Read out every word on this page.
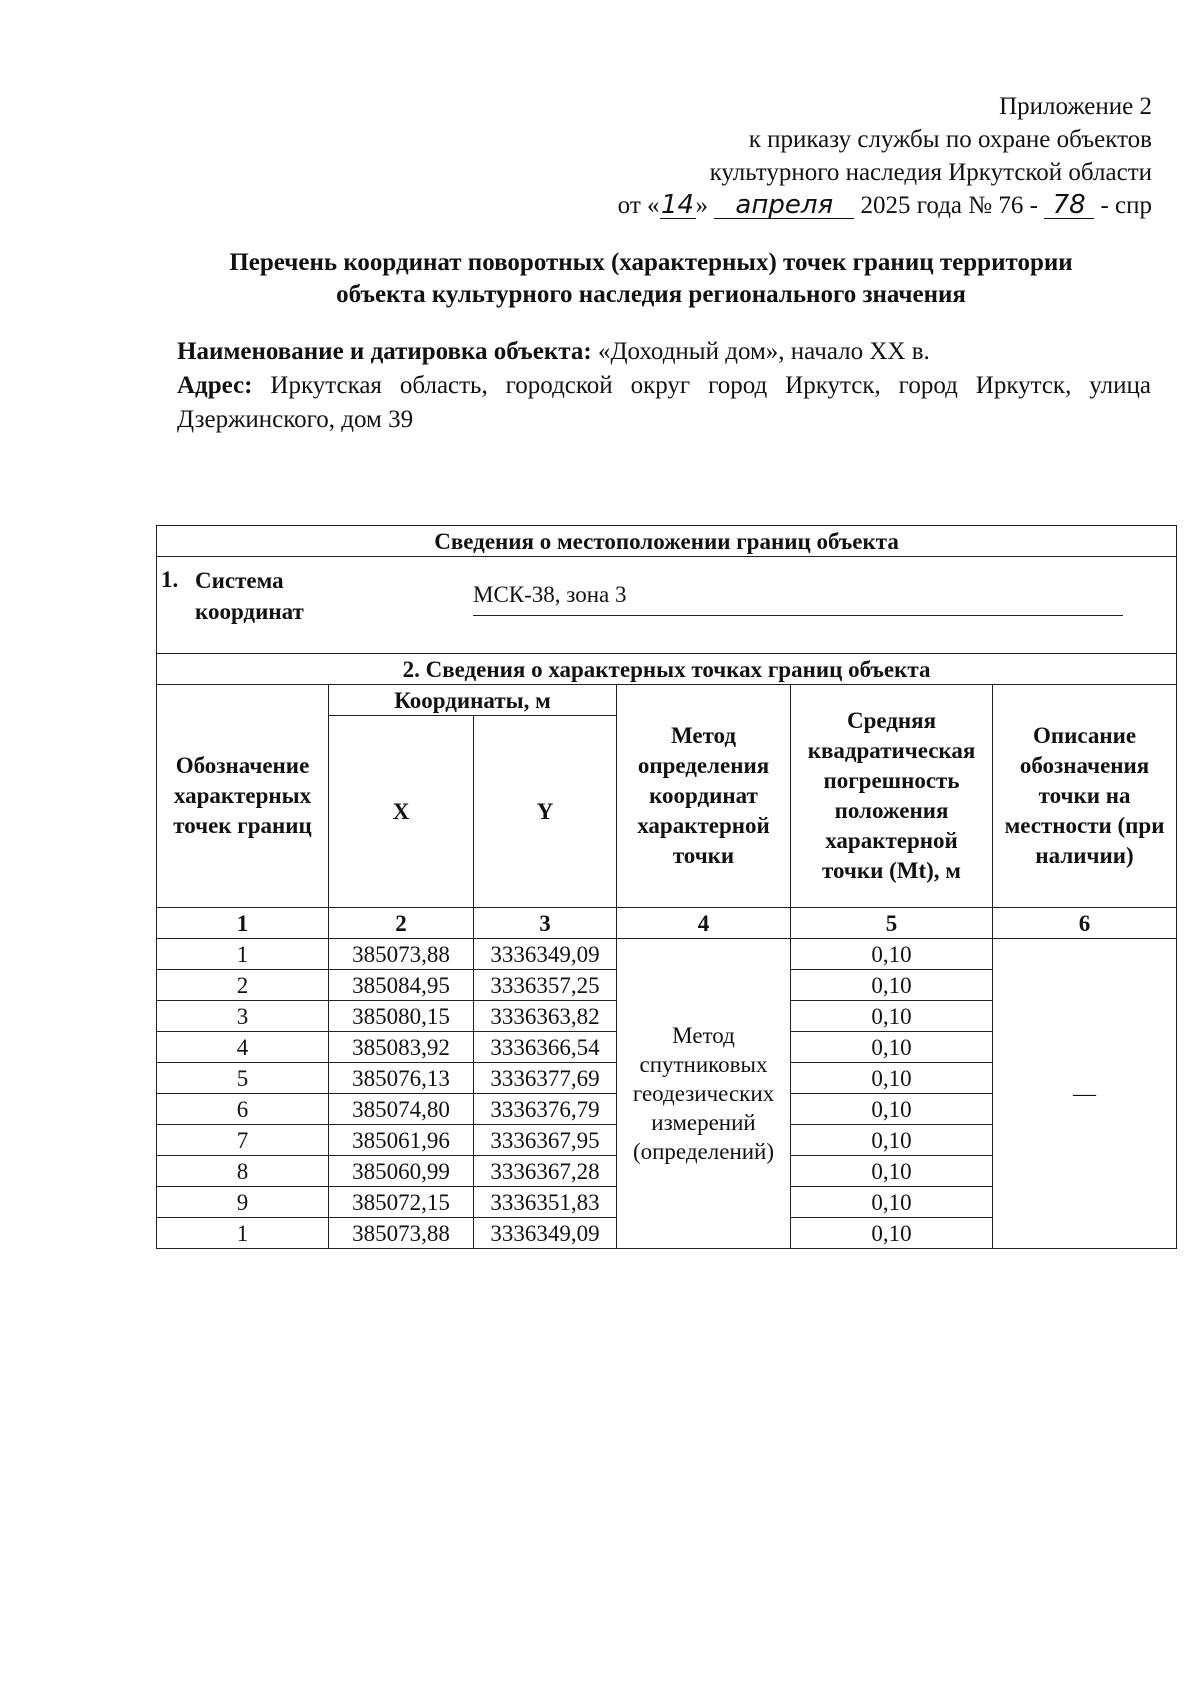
Приложение 2
к приказу службы по охране объектов
культурного наследия Иркутской области
от «14» апреля 2025 года № 76 - 78 - спр
Перечень координат поворотных (характерных) точек границ территории
объекта культурного наследия регионального значения

Наименование и датировка объекта: «Доходный дом», начало XX в.

Адрес: Иркутская область, городской округ город Иркутск, город Иркутск, улица Дзержинского, дом 39

Сведения о местоположении границ объекта					

1. Система
координат
МСК-38, зона 3					

2. Сведения о характерных точках границ объекта					
Обозначение характерных точек границ	Координаты, м		Метод определения координат характерной точки	Средняя квадратическая погрешность положения характерной точки (Mt), м	Описание обозначения точки на местности (при наличии)
	X	Y			
1	2	3	4	5	6
1	385073,88	3336349,09	Метод спутниковых геодезических измерений (определений)	0,10	—
2	385084,95	3336357,25		0,10	
3	385080,15	3336363,82		0,10	
4	385083,92	3336366,54		0,10	
5	385076,13	3336377,69		0,10	
6	385074,80	3336376,79		0,10	
7	385061,96	3336367,95		0,10	
8	385060,99	3336367,28		0,10	
9	385072,15	3336351,83		0,10	
1	385073,88	3336349,09		0,10	
